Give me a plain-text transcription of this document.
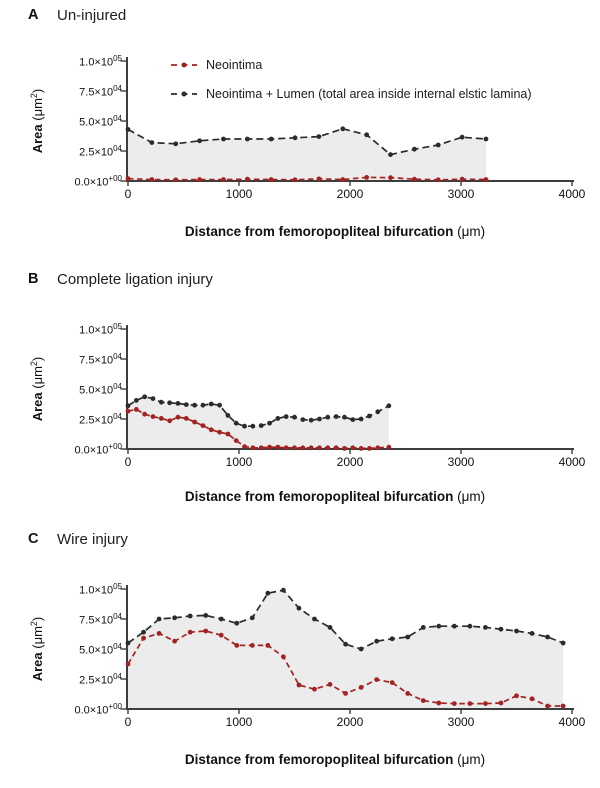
A Un-injured
Area $(\mu m^2)$
Neointima
Neointima + Lumen (total area inside internal elstic lamina)
Distance from femoropopliteal bifurcation (μm)
$1.0\times 10^{05}$
$7.5\times 10^{04}$
$5.0\times 10^{04}$
$2.5\times 10^{04}$
$0.0\times 10^{+00}$
0	1000	2000	3000	4000
B Complete ligation injury
Area $(\mu m^2)$
Distance from femoropopliteal bifurcation (μm)
$1.0\times 10^{05}$
$7.5\times 10^{04}$
$5.0\times 10^{04}$
$2.5\times 10^{04}$
$0.0\times 10^{+00}$
0	1000	2000	3000	4000
C Wire injury
Area $(\mu m^2)$
Distance from femoropopliteal bifurcation (μm)
$1.0\times 10^{05}$
$7.5\times 10^{04}$
$5.0\times 10^{04}$
$2.5\times 10^{04}$
$0.0\times 10^{+00}$
0	1000	2000	3000	4000
